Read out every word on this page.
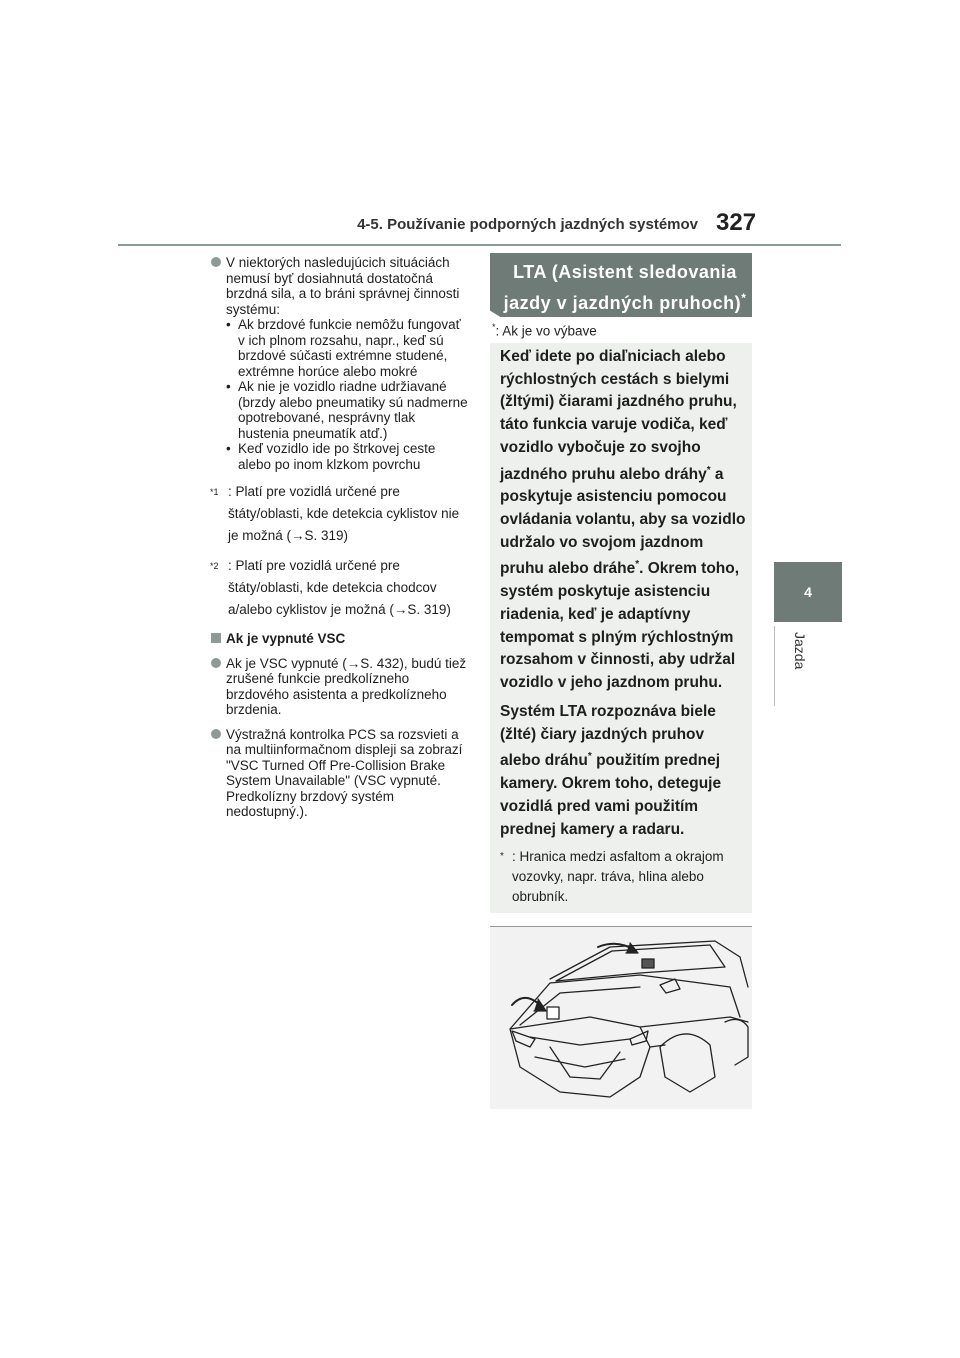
4-5. Používanie podporných jazdných systémov 327
4
Jazda
V niektorých nasledujúcich situáciách nemusí byť dosiahnutá dostatočná brzdná sila, a to bráni správnej činnosti systému:
• Ak brzdové funkcie nemôžu fungovať v ich plnom rozsahu, napr., keď sú brzdové súčasti extrémne studené, extrémne horúce alebo mokré
• Ak nie je vozidlo riadne udržiavané (brzdy alebo pneumatiky sú nadmerne opotrebované, nesprávny tlak hustenia pneumatík atď.)
• Keď vozidlo ide po štrkovej ceste alebo po inom klzkom povrchu
$^{*1}$ : Platí pre vozidlá určené pre štáty/oblasti, kde detekcia cyklistov nie je možná (→S. 319)
$^{*2}$ : Platí pre vozidlá určené pre štáty/oblasti, kde detekcia chodcov a/alebo cyklistov je možná (→S. 319)
Ak je vypnuté VSC
Ak je VSC vypnuté (→S. 432), budú tiež zrušené funkcie predkolízneho brzdového asistenta a predkolízneho brzdenia.
Výstražná kontrolka PCS sa rozsvieti a na multiinformačnom displeji sa zobrazí "VSC Turned Off Pre-Collision Brake System Unavailable" (VSC vypnuté. Predkolízny brzdový systém nedostupný.).
LTA (Asistent sledovania
jazdy v jazdných pruhoch)*
*: Ak je vo výbave

Keď idete po diaľniciach alebo rýchlostných cestách s bielymi (žltými) čiarami jazdného pruhu, táto funkcia varuje vodiča, keď vozidlo vybočuje zo svojho jazdného pruhu alebo dráhy* a poskytuje asistenciu pomocou ovládania volantu, aby sa vozidlo udržalo vo svojom jazdnom pruhu alebo dráhe*. Okrem toho, systém poskytuje asistenciu riadenia, keď je adaptívny tempomat s plným rýchlostným rozsahom v činnosti, aby udržal vozidlo v jeho jazdnom pruhu.

Systém LTA rozpoznáva biele (žlté) čiary jazdných pruhov alebo dráhu* použitím prednej kamery. Okrem toho, deteguje vozidlá pred vami použitím prednej kamery a radaru.

* : Hranica medzi asfaltom a okrajom vozovky, napr. tráva, hlina alebo obrubník.
